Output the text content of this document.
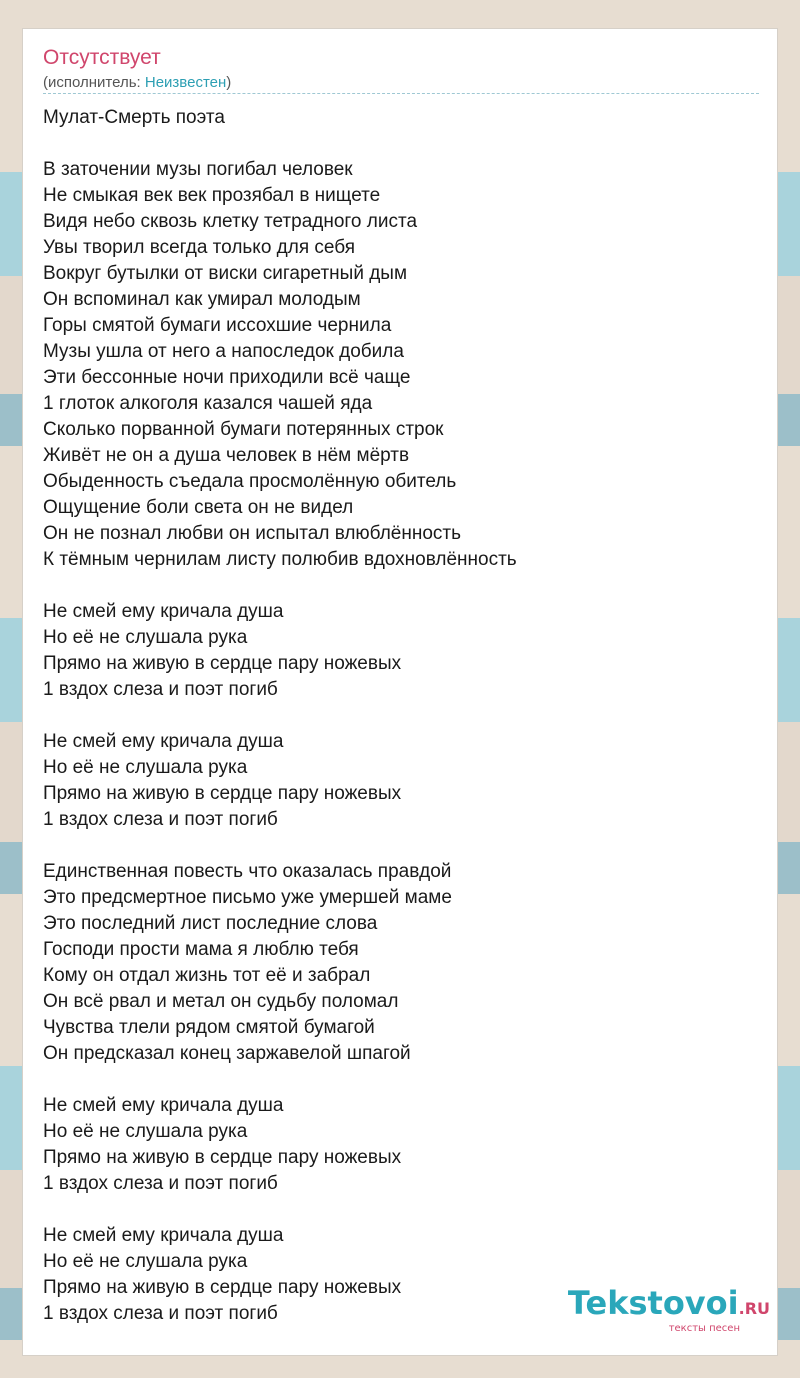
Отсутствует
(исполнитель: Неизвестен)
Мулат-Смерть поэта

В заточении музы погибал человек
Не смыкая век век прозябал в нищете
Видя небо сквозь клетку тетрадного листа
Увы творил всегда только для себя
Вокруг бутылки от виски сигаретный дым
Он вспоминал как умирал молодым
Горы смятой бумаги иссохшие чернила
Музы ушла от него а напоследок добила
Эти бессонные ночи приходили всё чаще
1 глоток алкоголя казался чашей яда
Сколько порванной бумаги потерянных строк
Живёт не он а душа человек в нём мёртв
Обыденность съедала просмолённую обитель
Ощущение боли света он не видел
Он не познал любви он испытал влюблённость
К тёмным чернилам листу полюбив вдохновлённость

Не смей ему кричала душа
Но её не слушала рука
Прямо на живую в сердце пару ножевых
1 вздох слеза и поэт погиб

Не смей ему кричала душа
Но её не слушала рука
Прямо на живую в сердце пару ножевых
1 вздох слеза и поэт погиб

Единственная повесть что оказалась правдой
Это предсмертное письмо уже умершей маме
Это последний лист последние слова
Господи прости мама я люблю тебя
Кому он отдал жизнь тот её и забрал
Он всё рвал и метал он судьбу поломал
Чувства тлели рядом смятой бумагой
Он предсказал конец заржавелой шпагой

Не смей ему кричала душа
Но её не слушала рука
Прямо на живую в сердце пару ножевых
1 вздох слеза и поэт погиб

Не смей ему кричала душа
Но её не слушала рука
Прямо на живую в сердце пару ножевых
1 вздох слеза и поэт погиб	Tekstovoi.RU
тексты песен
